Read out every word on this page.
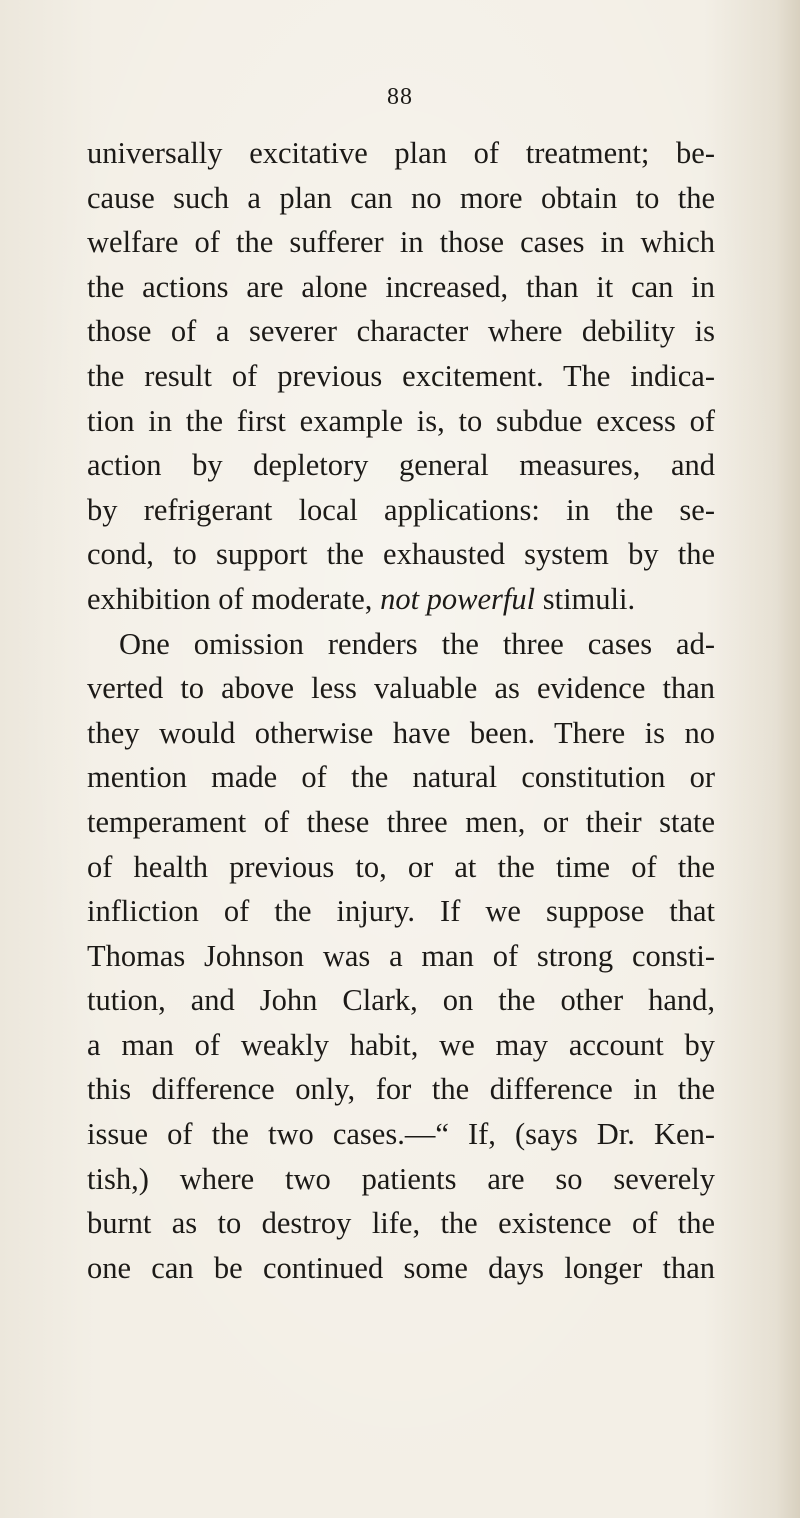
88
universally excitative plan of treatment; be-
cause such a plan can no more obtain to the
welfare of the sufferer in those cases in which
the actions are alone increased, than it can in
those of a severer character where debility is
the result of previous excitement. The indica-
tion in the first example is, to subdue excess of
action by depletory general measures, and
by refrigerant local applications: in the se-
cond, to support the exhausted system by the
exhibition of moderate, not powerful stimuli.
One omission renders the three cases ad-
verted to above less valuable as evidence than
they would otherwise have been. There is no
mention made of the natural constitution or
temperament of these three men, or their state
of health previous to, or at the time of the
infliction of the injury. If we suppose that
Thomas Johnson was a man of strong consti-
tution, and John Clark, on the other hand,
a man of weakly habit, we may account by
this difference only, for the difference in the
issue of the two cases.—“ If, (says Dr. Ken-
tish,) where two patients are so severely
burnt as to destroy life, the existence of the
one can be continued some days longer than
